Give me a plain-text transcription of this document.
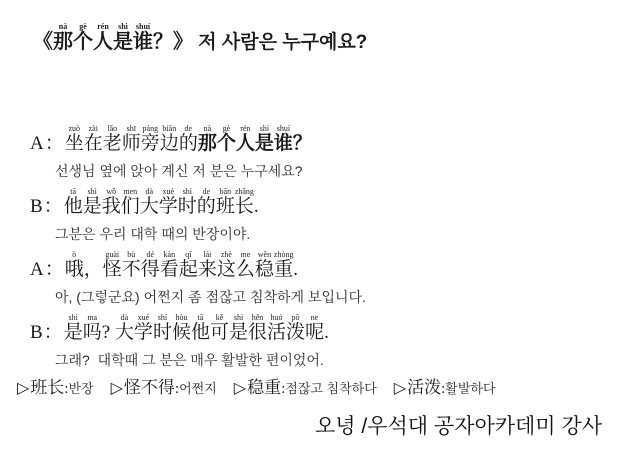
《那nà个gè人rén是shì谁shuí？》 저 사람은 누구예요?
A：坐zuò在zài老lǎo师shī旁páng边biān的de那nà个gè人rén是shì谁shuí？
선생님 옆에 앉아 계신 저 분은 누구세요?
B：他tā是shì我wǒ们men大dà学xué时shí的de班bān长zhǎng.
그분은 우리 대학 때의 반장이야.
A：哦ò，怪guài不bù得dé看kàn起qǐ来lái这zhè么me稳wěn重zhòng.
아, (그렇군요) 어쩐지 좀 점잖고 침착하게 보입니다.
B：是shì吗ma? 大dà学xué时shí候hòu他tā可kě是shì很hěn活huó泼pō呢ne.
그래?  대학때 그 분은 매우 활발한 편이었어.
▷班长:반장 ▷怪不得:어쩐지 ▷稳重:점잖고 침착하다 ▷活泼:활발하다
오녕 /우석대 공자아카데미 강사
